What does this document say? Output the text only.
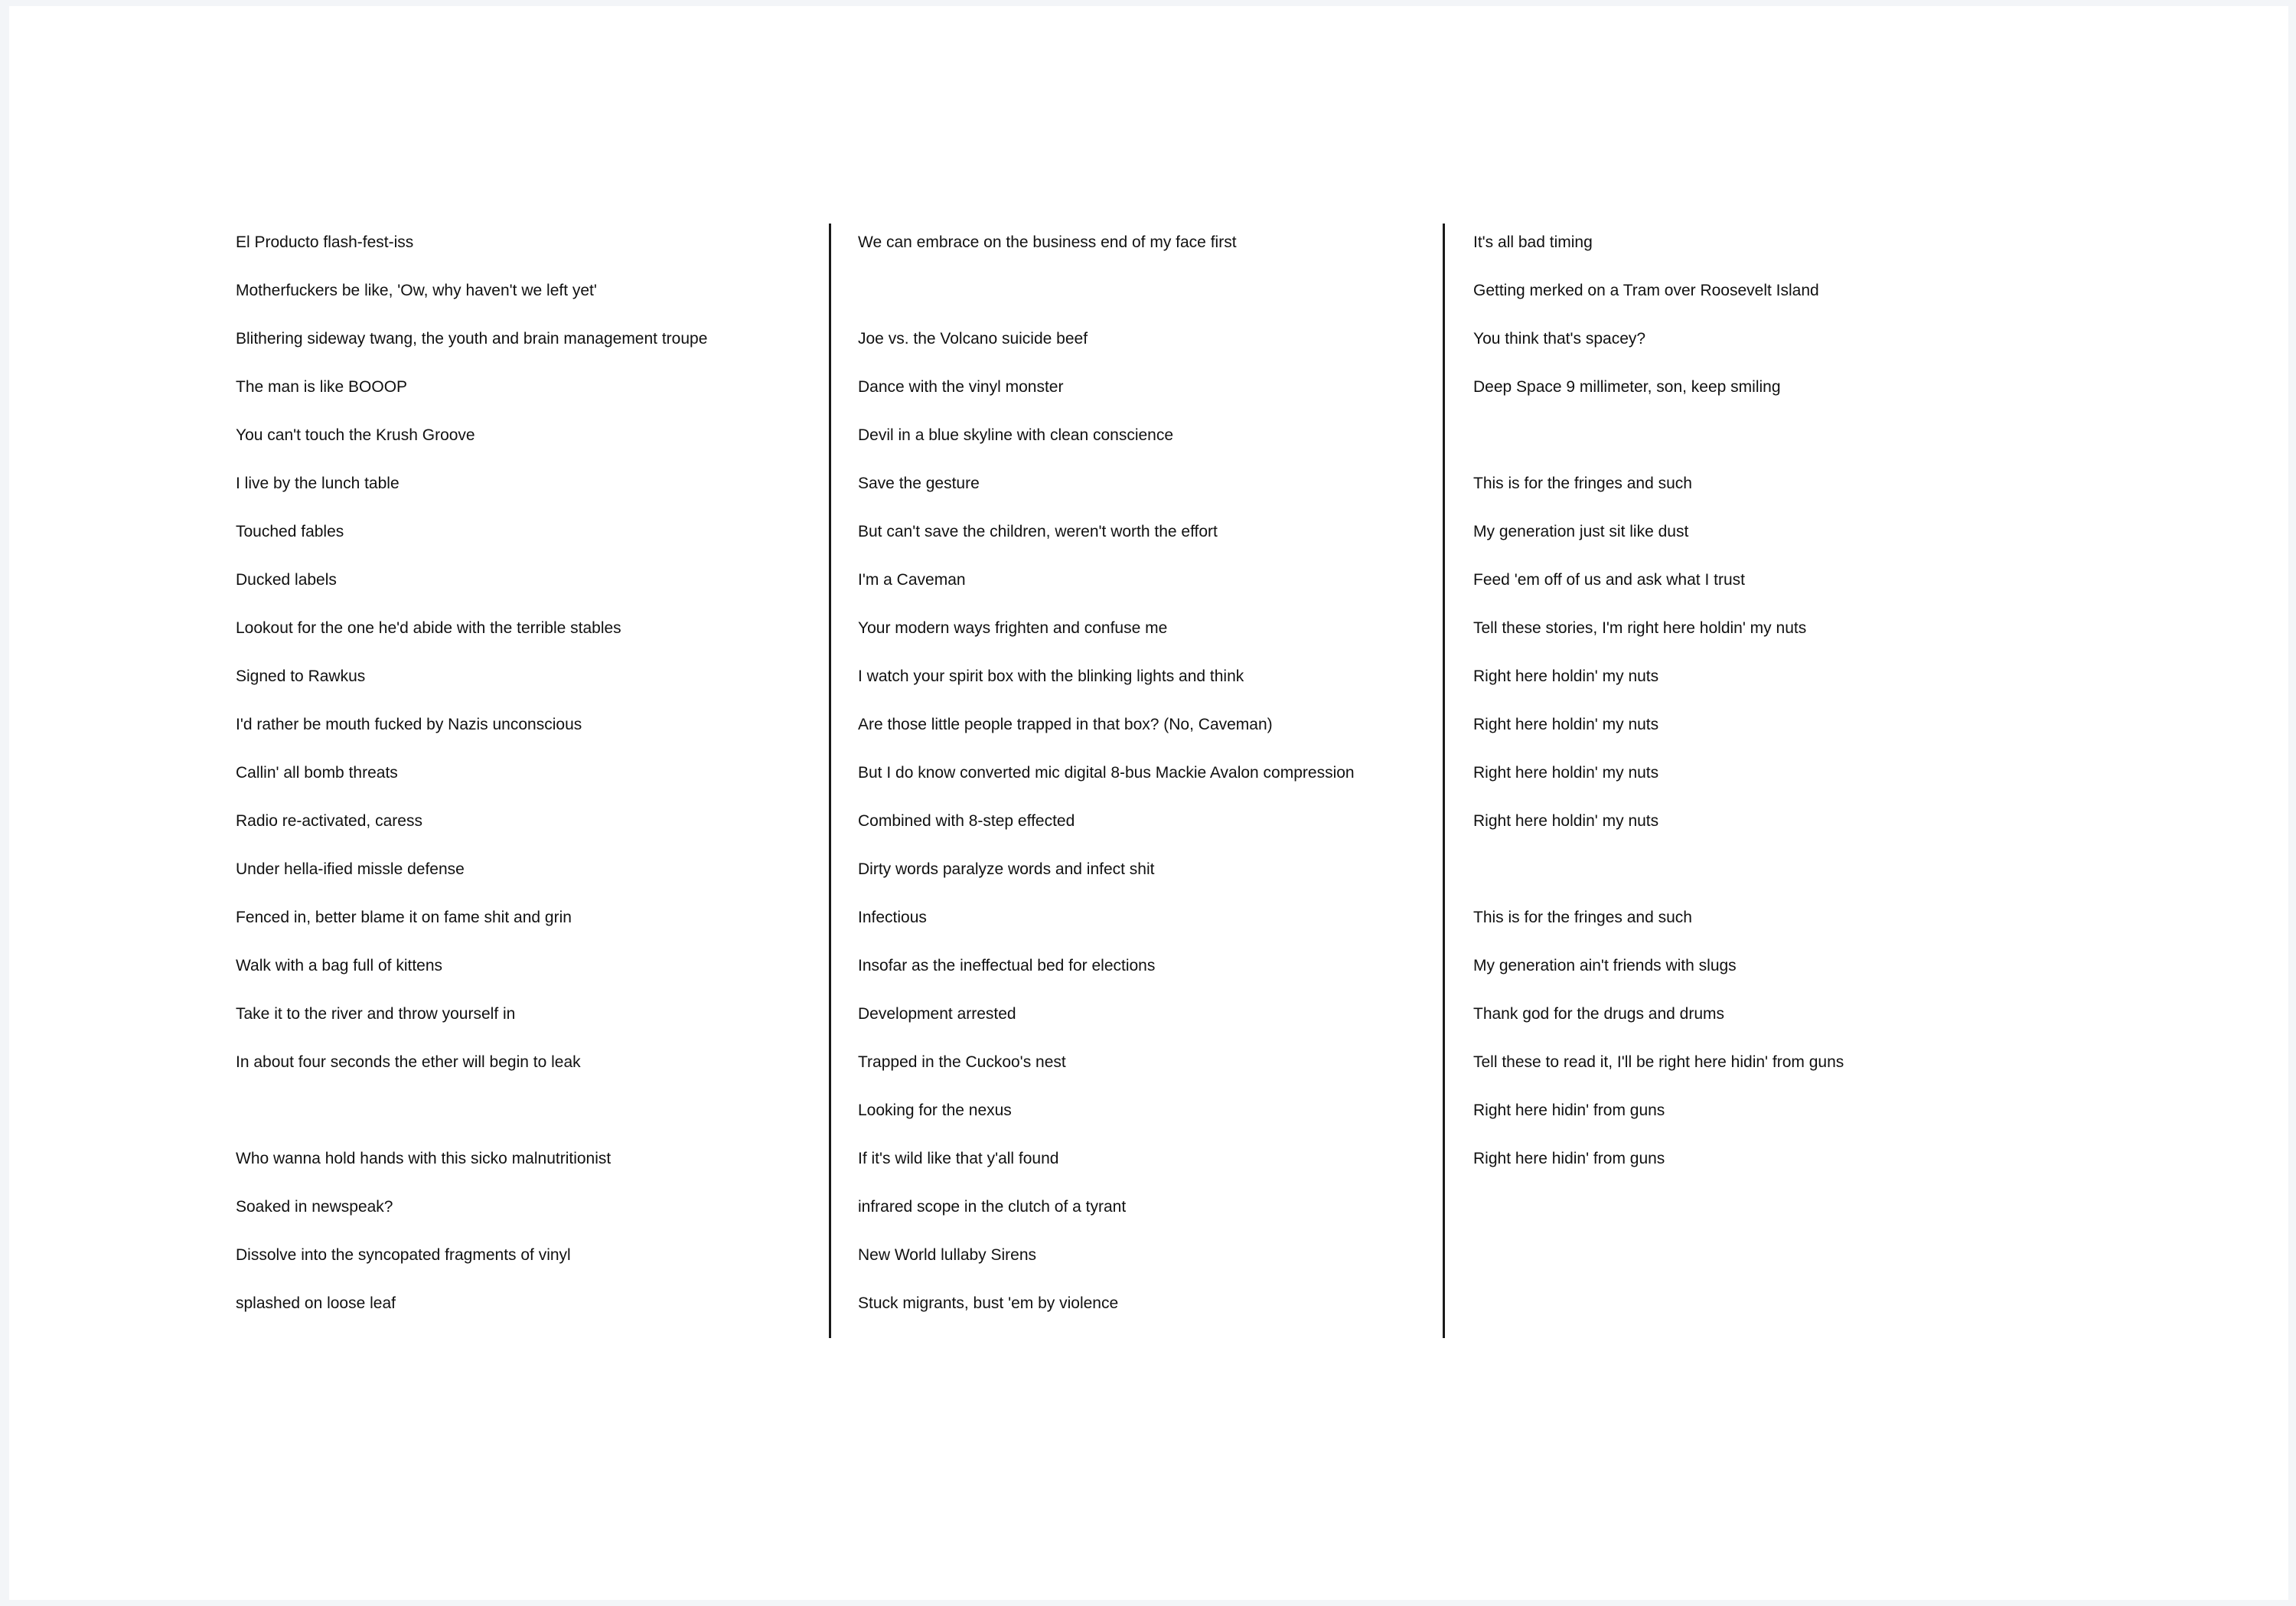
El Producto flash-fest-iss
Motherfuckers be like, 'Ow, why haven't we left yet'
Blithering sideway twang, the youth and brain management troupe
The man is like BOOOP
You can't touch the Krush Groove
I live by the lunch table
Touched fables
Ducked labels
Lookout for the one he'd abide with the terrible stables
Signed to Rawkus
I'd rather be mouth fucked by Nazis unconscious
Callin' all bomb threats
Radio re-activated, caress
Under hella-ified missle defense
Fenced in, better blame it on fame shit and grin
Walk with a bag full of kittens
Take it to the river and throw yourself in
In about four seconds the ether will begin to leak
Who wanna hold hands with this sicko malnutritionist
Soaked in newspeak?
Dissolve into the syncopated fragments of vinyl
splashed on loose leaf
We can embrace on the business end of my face first
Joe vs. the Volcano suicide beef
Dance with the vinyl monster
Devil in a blue skyline with clean conscience
Save the gesture
But can't save the children, weren't worth the effort
I'm a Caveman
Your modern ways frighten and confuse me
I watch your spirit box with the blinking lights and think
Are those little people trapped in that box? (No, Caveman)
But I do know converted mic digital 8-bus Mackie Avalon compression
Combined with 8-step effected
Dirty words paralyze words and infect shit
Infectious
Insofar as the ineffectual bed for elections
Development arrested
Trapped in the Cuckoo's nest
Looking for the nexus
If it's wild like that y'all found
infrared scope in the clutch of a tyrant
New World lullaby Sirens
Stuck migrants, bust 'em by violence
It's all bad timing
Getting merked on a Tram over Roosevelt Island
You think that's spacey?
Deep Space 9 millimeter, son, keep smiling
This is for the fringes and such
My generation just sit like dust
Feed 'em off of us and ask what I trust
Tell these stories, I'm right here holdin' my nuts
Right here holdin' my nuts
Right here holdin' my nuts
Right here holdin' my nuts
Right here holdin' my nuts
This is for the fringes and such
My generation ain't friends with slugs
Thank god for the drugs and drums
Tell these to read it, I'll be right here hidin' from guns
Right here hidin' from guns
Right here hidin' from guns
